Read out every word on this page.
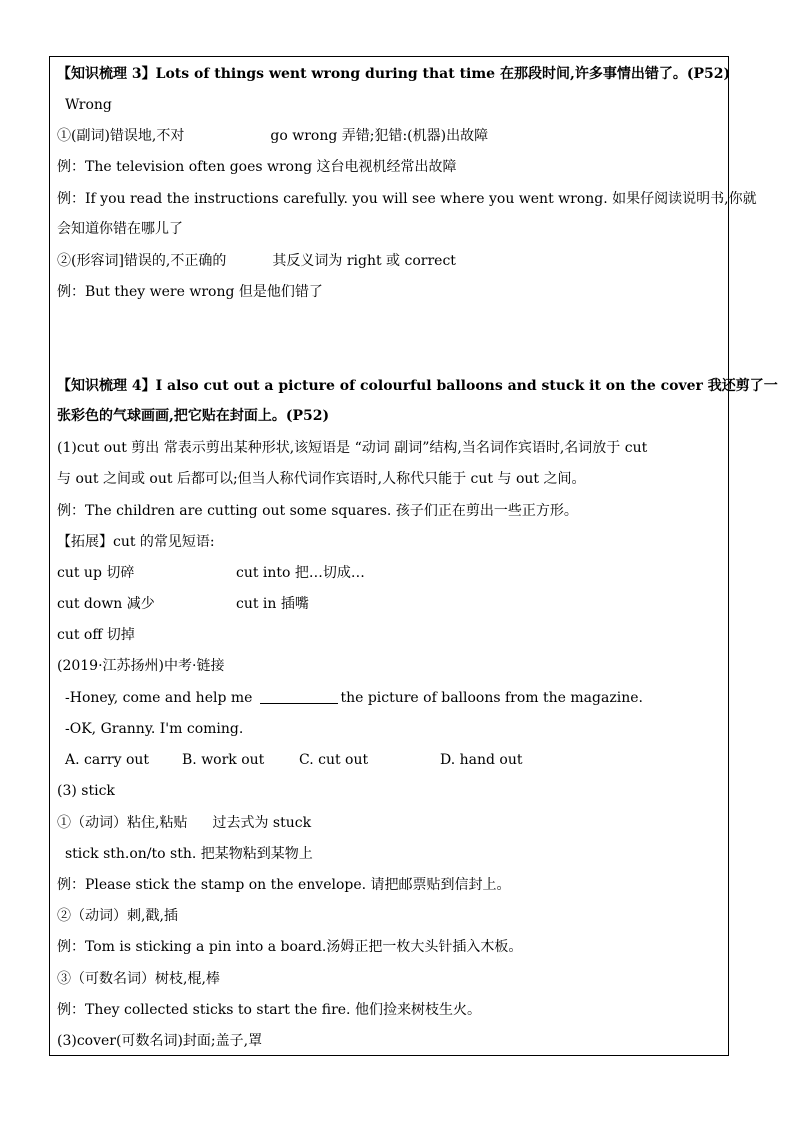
【知识梳理 3】Lots of things went wrong during that time 在那段时间,许多事情出错了。(P52)
Wrong
①(副词)错误地,不对	go wrong 弄错;犯错:(机器)出故障
例：The television often goes wrong 这台电视机经常出故障
例：If you read the instructions carefully. you will see where you went wrong. 如果仔阅读说明书,你就
会知道你错在哪儿了
②(形容词]错误的,不正确的	其反义词为 right 或 correct
例：But they were wrong 但是他们错了
【知识梳理 4】I also cut out a picture of colourful balloons and stuck it on the cover 我还剪了一
张彩色的气球画画,把它贴在封面上。(P52)
(1)cut out 剪出 常表示剪出某种形状,该短语是 “动词 副词”结构,当名词作宾语时,名词放于 cut
与 out 之间或 out 后都可以;但当人称代词作宾语时,人称代只能于 cut 与 out 之间。
例：The children are cutting out some squares. 孩子们正在剪出一些正方形。
【拓展】cut 的常见短语:
cut up 切碎	cut into 把…切成…
cut down 减少	cut in 插嘴
cut off 切掉
(2019·江苏扬州)中考·链接
-Honey, come and help me	the picture of balloons from the magazine.
-OK, Granny. I'm coming.
A. carry out B. work out C. cut out	D. hand out
(3) stick
①（动词）粘住,粘贴 过去式为 stuck
stick sth.on/to sth. 把某物粘到某物上
例：Please stick the stamp on the envelope. 请把邮票贴到信封上。
②（动词）刺,戳,插
例：Tom is sticking a pin into a board.汤姆正把一枚大头针插入木板。
③（可数名词）树枝,棍,棒
例：They collected sticks to start the fire. 他们捡来树枝生火。
(3)cover(可数名词)封面;盖子,罩
